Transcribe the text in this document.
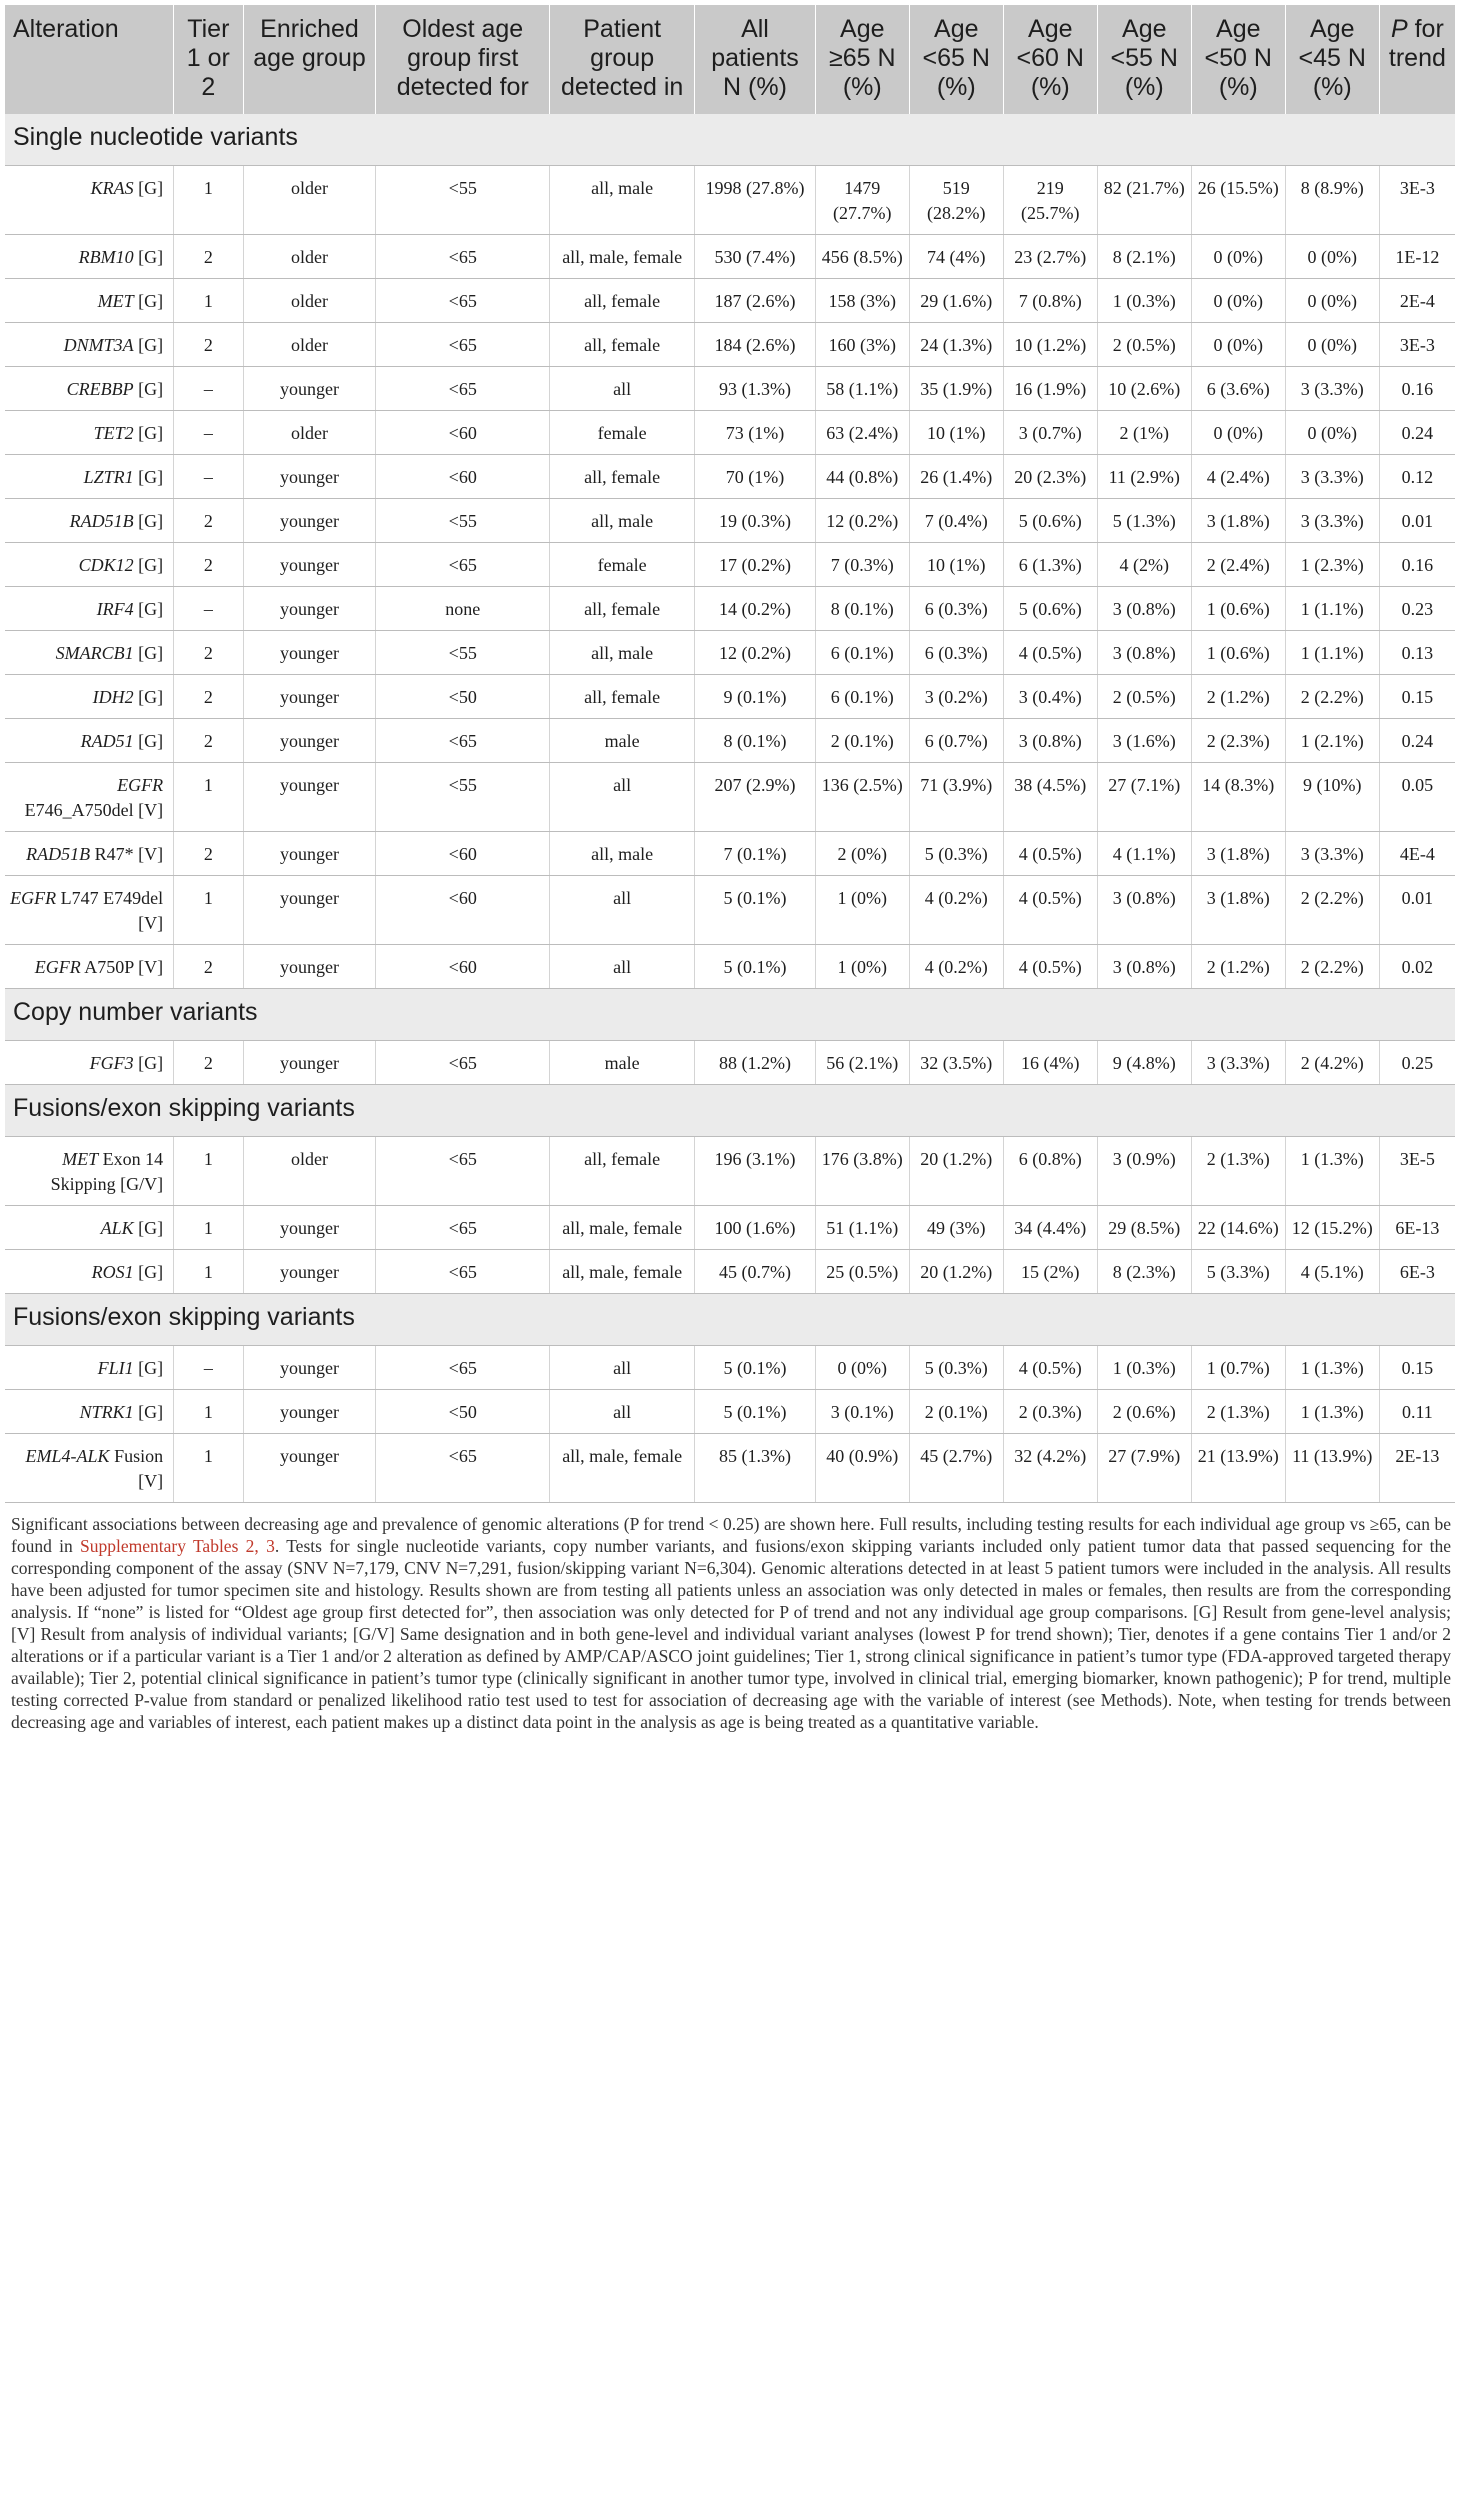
Alteration	Tier 1 or 2	Enriched age group	Oldest age group first detected for	Patient group detected in	All patients N (%)	Age ≥65 N (%)	Age <65 N (%)	Age <60 N (%)	Age <55 N (%)	Age <50 N (%)	Age <45 N (%)	P for trend
Single nucleotide variants												
KRAS [G]	1	older	<55	all, male	1998 (27.8%)	1479 (27.7%)	519 (28.2%)	219 (25.7%)	82 (21.7%)	26 (15.5%)	8 (8.9%)	3E-3
RBM10 [G]	2	older	<65	all, male, female	530 (7.4%)	456 (8.5%)	74 (4%)	23 (2.7%)	8 (2.1%)	0 (0%)	0 (0%)	1E-12
MET [G]	1	older	<65	all, female	187 (2.6%)	158 (3%)	29 (1.6%)	7 (0.8%)	1 (0.3%)	0 (0%)	0 (0%)	2E-4
DNMT3A [G]	2	older	<65	all, female	184 (2.6%)	160 (3%)	24 (1.3%)	10 (1.2%)	2 (0.5%)	0 (0%)	0 (0%)	3E-3
CREBBP [G]	–	younger	<65	all	93 (1.3%)	58 (1.1%)	35 (1.9%)	16 (1.9%)	10 (2.6%)	6 (3.6%)	3 (3.3%)	0.16
TET2 [G]	–	older	<60	female	73 (1%)	63 (2.4%)	10 (1%)	3 (0.7%)	2 (1%)	0 (0%)	0 (0%)	0.24
LZTR1 [G]	–	younger	<60	all, female	70 (1%)	44 (0.8%)	26 (1.4%)	20 (2.3%)	11 (2.9%)	4 (2.4%)	3 (3.3%)	0.12
RAD51B [G]	2	younger	<55	all, male	19 (0.3%)	12 (0.2%)	7 (0.4%)	5 (0.6%)	5 (1.3%)	3 (1.8%)	3 (3.3%)	0.01
CDK12 [G]	2	younger	<65	female	17 (0.2%)	7 (0.3%)	10 (1%)	6 (1.3%)	4 (2%)	2 (2.4%)	1 (2.3%)	0.16
IRF4 [G]	–	younger	none	all, female	14 (0.2%)	8 (0.1%)	6 (0.3%)	5 (0.6%)	3 (0.8%)	1 (0.6%)	1 (1.1%)	0.23
SMARCB1 [G]	2	younger	<55	all, male	12 (0.2%)	6 (0.1%)	6 (0.3%)	4 (0.5%)	3 (0.8%)	1 (0.6%)	1 (1.1%)	0.13
IDH2 [G]	2	younger	<50	all, female	9 (0.1%)	6 (0.1%)	3 (0.2%)	3 (0.4%)	2 (0.5%)	2 (1.2%)	2 (2.2%)	0.15
RAD51 [G]	2	younger	<65	male	8 (0.1%)	2 (0.1%)	6 (0.7%)	3 (0.8%)	3 (1.6%)	2 (2.3%)	1 (2.1%)	0.24
EGFR E746_A750del [V]	1	younger	<55	all	207 (2.9%)	136 (2.5%)	71 (3.9%)	38 (4.5%)	27 (7.1%)	14 (8.3%)	9 (10%)	0.05
RAD51B R47* [V]	2	younger	<60	all, male	7 (0.1%)	2 (0%)	5 (0.3%)	4 (0.5%)	4 (1.1%)	3 (1.8%)	3 (3.3%)	4E-4
EGFR L747 E749del [V]	1	younger	<60	all	5 (0.1%)	1 (0%)	4 (0.2%)	4 (0.5%)	3 (0.8%)	3 (1.8%)	2 (2.2%)	0.01
EGFR A750P [V]	2	younger	<60	all	5 (0.1%)	1 (0%)	4 (0.2%)	4 (0.5%)	3 (0.8%)	2 (1.2%)	2 (2.2%)	0.02
Copy number variants												
FGF3 [G]	2	younger	<65	male	88 (1.2%)	56 (2.1%)	32 (3.5%)	16 (4%)	9 (4.8%)	3 (3.3%)	2 (4.2%)	0.25
Fusions/exon skipping variants												
MET Exon 14 Skipping [G/V]	1	older	<65	all, female	196 (3.1%)	176 (3.8%)	20 (1.2%)	6 (0.8%)	3 (0.9%)	2 (1.3%)	1 (1.3%)	3E-5
ALK [G]	1	younger	<65	all, male, female	100 (1.6%)	51 (1.1%)	49 (3%)	34 (4.4%)	29 (8.5%)	22 (14.6%)	12 (15.2%)	6E-13
ROS1 [G]	1	younger	<65	all, male, female	45 (0.7%)	25 (0.5%)	20 (1.2%)	15 (2%)	8 (2.3%)	5 (3.3%)	4 (5.1%)	6E-3
Fusions/exon skipping variants												
FLI1 [G]	–	younger	<65	all	5 (0.1%)	0 (0%)	5 (0.3%)	4 (0.5%)	1 (0.3%)	1 (0.7%)	1 (1.3%)	0.15
NTRK1 [G]	1	younger	<50	all	5 (0.1%)	3 (0.1%)	2 (0.1%)	2 (0.3%)	2 (0.6%)	2 (1.3%)	1 (1.3%)	0.11
EML4-ALK Fusion [V]	1	younger	<65	all, male, female	85 (1.3%)	40 (0.9%)	45 (2.7%)	32 (4.2%)	27 (7.9%)	21 (13.9%)	11 (13.9%)	2E-13
Significant associations between decreasing age and prevalence of genomic alterations (P for trend < 0.25) are shown here. Full results, including testing results for each individual age group vs ≥65, can be found in Supplementary Tables 2, 3. Tests for single nucleotide variants, copy number variants, and fusions/exon skipping variants included only patient tumor data that passed sequencing for the corresponding component of the assay (SNV N=7,179, CNV N=7,291, fusion/skipping variant N=6,304). Genomic alterations detected in at least 5 patient tumors were included in the analysis. All results have been adjusted for tumor specimen site and histology. Results shown are from testing all patients unless an association was only detected in males or females, then results are from the corresponding analysis. If “none” is listed for “Oldest age group first detected for”, then association was only detected for P of trend and not any individual age group comparisons. [G] Result from gene-level analysis; [V] Result from analysis of individual variants; [G/V] Same designation and in both gene-level and individual variant analyses (lowest P for trend shown); Tier, denotes if a gene contains Tier 1 and/or 2 alterations or if a particular variant is a Tier 1 and/or 2 alteration as defined by AMP/CAP/ASCO joint guidelines; Tier 1, strong clinical significance in patient’s tumor type (FDA-approved targeted therapy available); Tier 2, potential clinical significance in patient’s tumor type (clinically significant in another tumor type, involved in clinical trial, emerging biomarker, known pathogenic); P for trend, multiple testing corrected P-value from standard or penalized likelihood ratio test used to test for association of decreasing age with the variable of interest (see Methods). Note, when testing for trends between decreasing age and variables of interest, each patient makes up a distinct data point in the analysis as age is being treated as a quantitative variable.
